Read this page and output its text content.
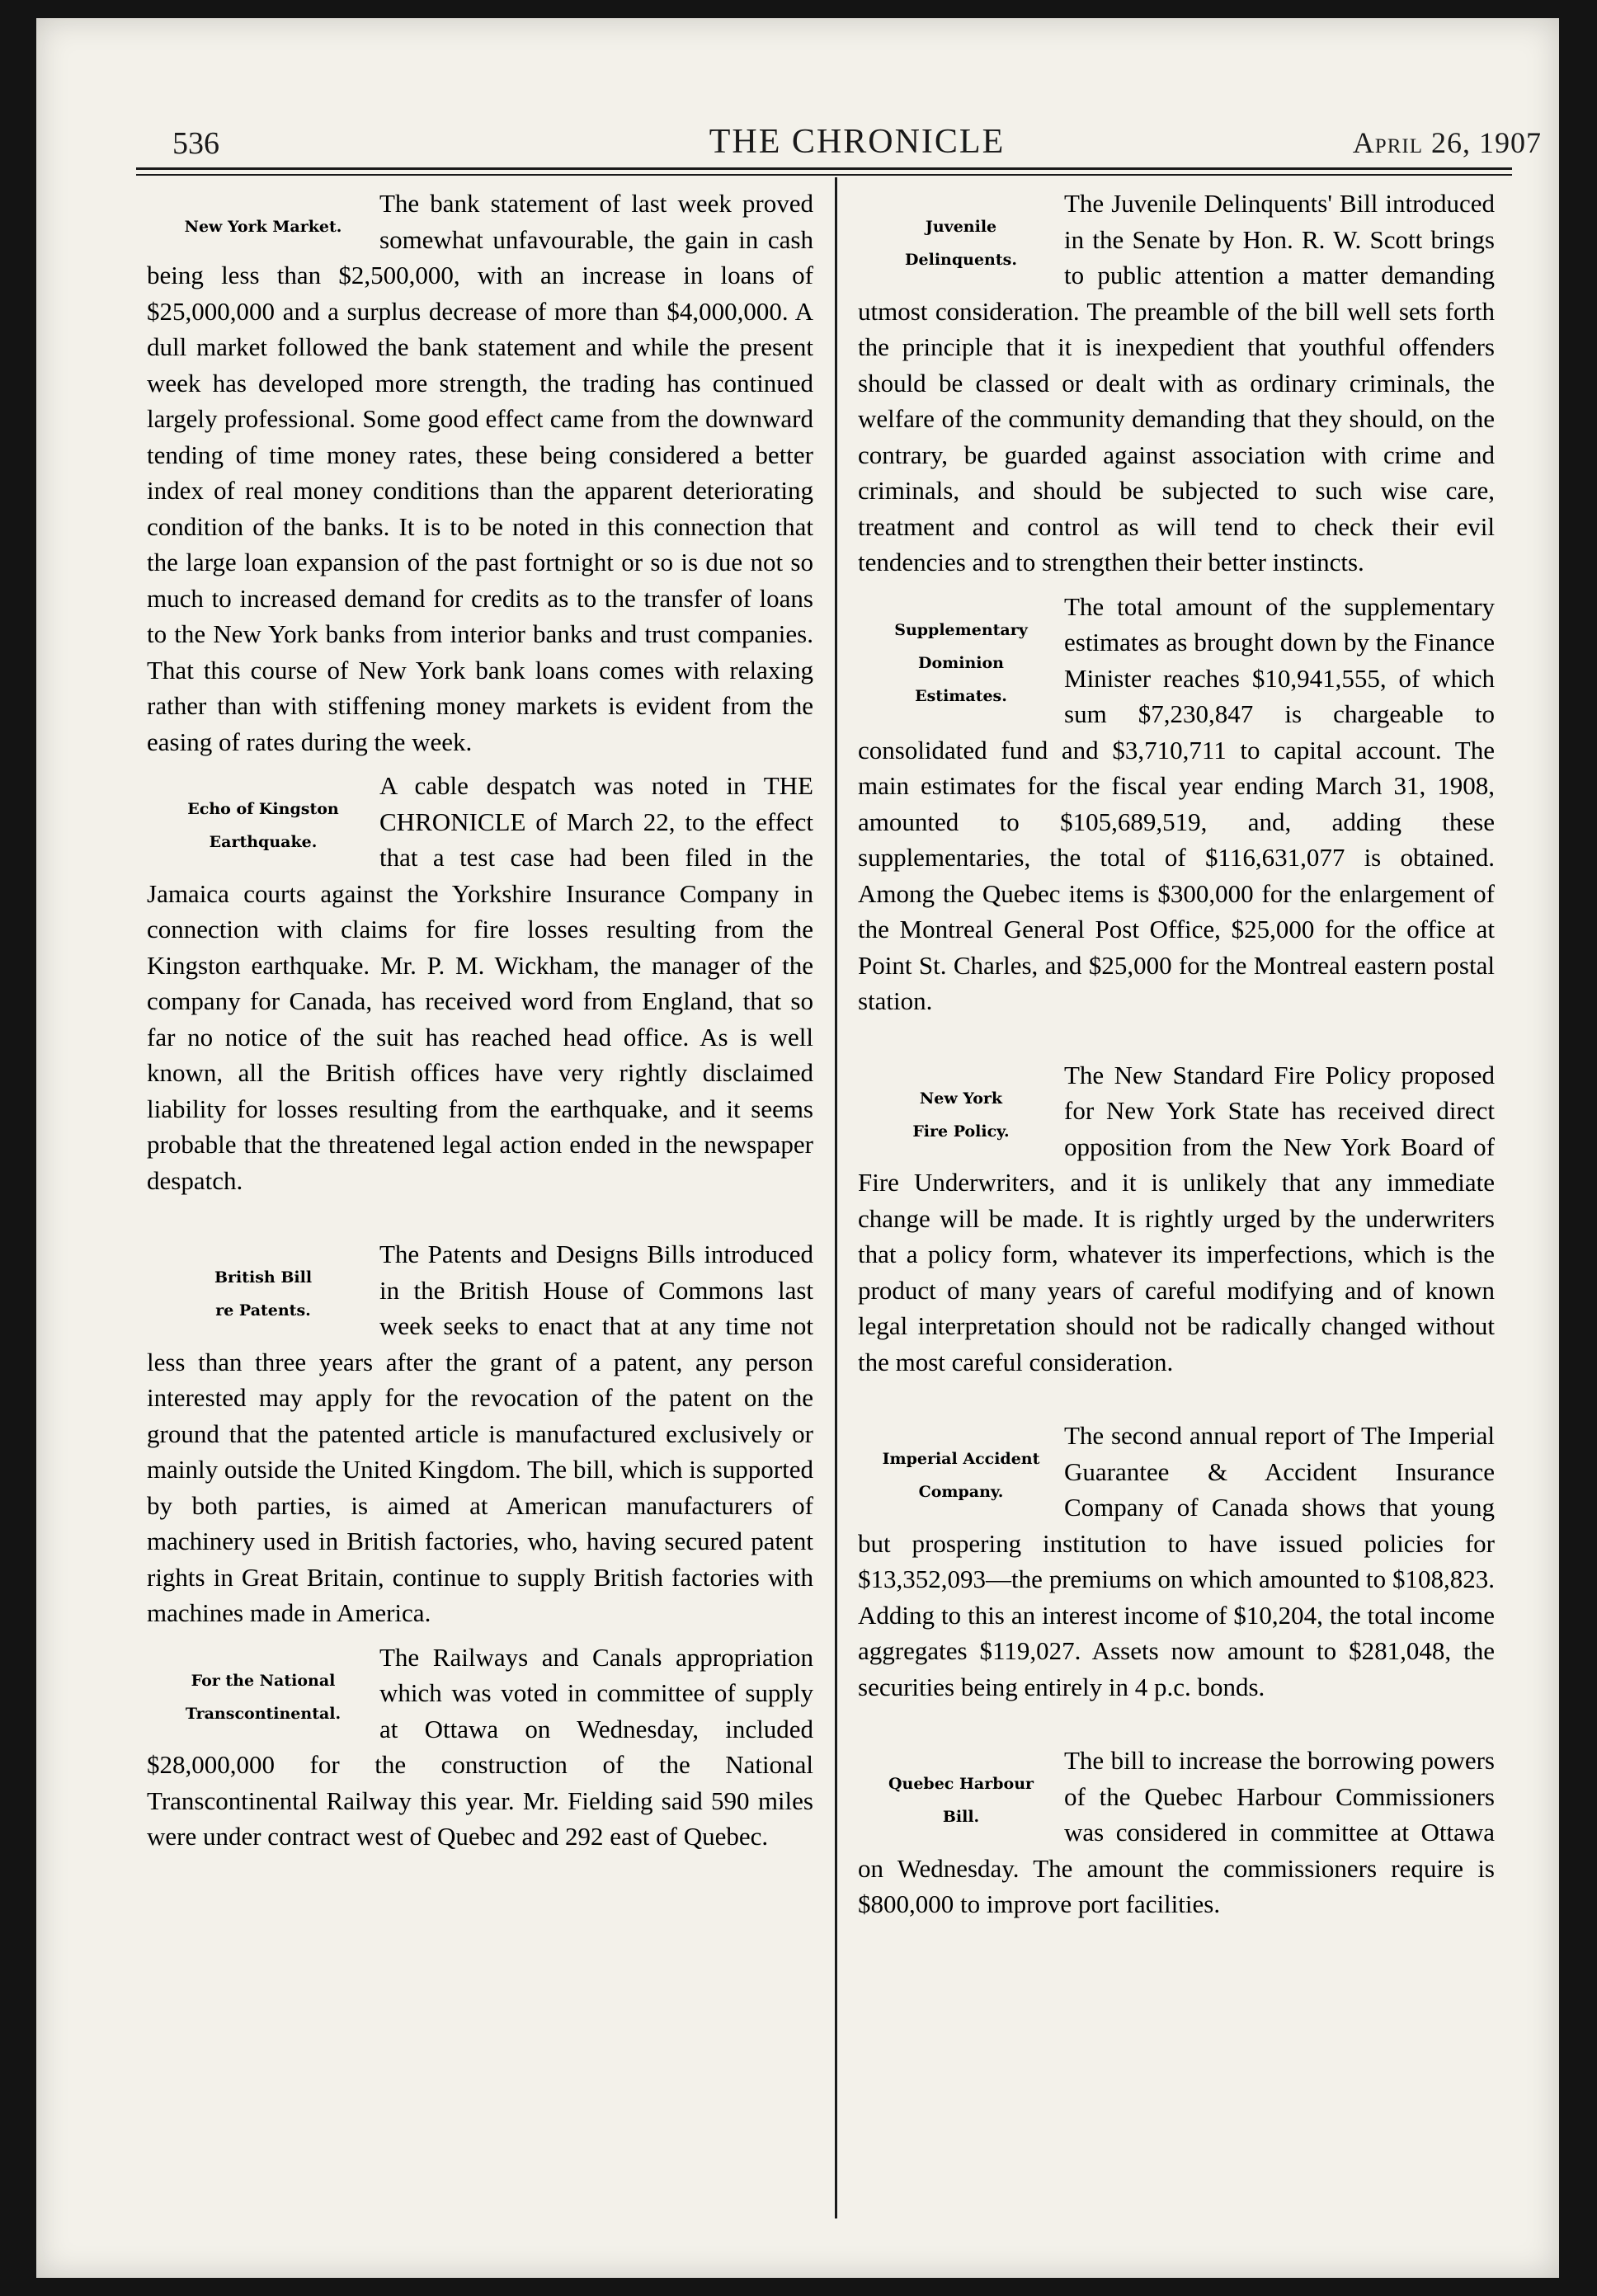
536	THE CHRONICLE	April 26, 1907
New York Market.
The bank statement of last week proved somewhat unfavourable, the gain in cash being less than $2,500,000, with an increase in loans of $25,000,000 and a surplus decrease of more than $4,000,000. A dull market followed the bank statement and while the present week has developed more strength, the trading has continued largely professional. Some good effect came from the downward tending of time money rates, these being considered a better index of real money conditions than the apparent deteriorating condition of the banks. It is to be noted in this connection that the large loan expansion of the past fortnight or so is due not so much to increased demand for credits as to the transfer of loans to the New York banks from interior banks and trust companies. That this course of New York bank loans comes with relaxing rather than with stiffening money markets is evident from the easing of rates during the week.
Echo of Kingston
Earthquake.
A cable despatch was noted in THE CHRONICLE of March 22, to the effect that a test case had been filed in the Jamaica courts against the Yorkshire Insurance Company in connection with claims for fire losses resulting from the Kingston earthquake. Mr. P. M. Wickham, the manager of the company for Canada, has received word from England, that so far no notice of the suit has reached head office. As is well known, all the British offices have very rightly disclaimed liability for losses resulting from the earthquake, and it seems probable that the threatened legal action ended in the newspaper despatch.
British Bill
re Patents.
The Patents and Designs Bills introduced in the British House of Commons last week seeks to enact that at any time not less than three years after the grant of a patent, any person interested may apply for the revocation of the patent on the ground that the patented article is manufactured exclusively or mainly outside the United Kingdom. The bill, which is supported by both parties, is aimed at American manufacturers of machinery used in British factories, who, having secured patent rights in Great Britain, continue to supply British factories with machines made in America.
For the National
Transcontinental.
The Railways and Canals appropriation which was voted in committee of supply at Ottawa on Wednesday, included $28,000,000 for the construction of the National Transcontinental Railway this year. Mr. Fielding said 590 miles were under contract west of Quebec and 292 east of Quebec.
Juvenile
Delinquents.
The Juvenile Delinquents' Bill introduced in the Senate by Hon. R. W. Scott brings to public attention a matter demanding utmost consideration. The preamble of the bill well sets forth the principle that it is inexpedient that youthful offenders should be classed or dealt with as ordinary criminals, the welfare of the community demanding that they should, on the contrary, be guarded against association with crime and criminals, and should be subjected to such wise care, treatment and control as will tend to check their evil tendencies and to strengthen their better instincts.
Supplementary
Dominion
Estimates.
The total amount of the supplementary estimates as brought down by the Finance Minister reaches $10,941,555, of which sum $7,230,847 is chargeable to consolidated fund and $3,710,711 to capital account. The main estimates for the fiscal year ending March 31, 1908, amounted to $105,689,519, and, adding these supplementaries, the total of $116,631,077 is obtained. Among the Quebec items is $300,000 for the enlargement of the Montreal General Post Office, $25,000 for the office at Point St. Charles, and $25,000 for the Montreal eastern postal station.
New York
Fire Policy.
The New Standard Fire Policy proposed for New York State has received direct opposition from the New York Board of Fire Underwriters, and it is unlikely that any immediate change will be made. It is rightly urged by the underwriters that a policy form, whatever its imperfections, which is the product of many years of careful modifying and of known legal interpretation should not be radically changed without the most careful consideration.
Imperial Accident
Company.
The second annual report of The Imperial Guarantee & Accident Insurance Company of Canada shows that young but prospering institution to have issued policies for $13,352,093—the premiums on which amounted to $108,823. Adding to this an interest income of $10,204, the total income aggregates $119,027. Assets now amount to $281,048, the securities being entirely in 4 p.c. bonds.
Quebec Harbour
Bill.
The bill to increase the borrowing powers of the Quebec Harbour Commissioners was considered in committee at Ottawa on Wednesday. The amount the commissioners require is $800,000 to improve port facilities.
